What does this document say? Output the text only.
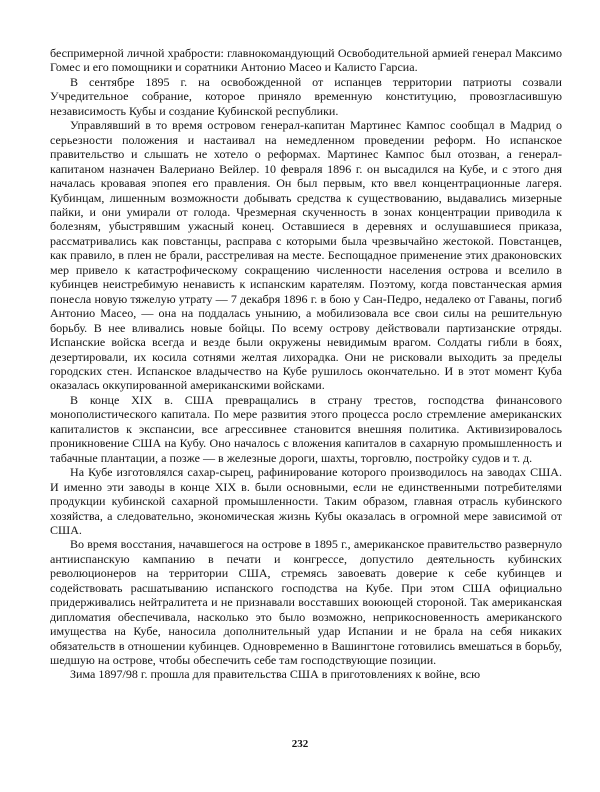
беспримерной личной храбрости: главнокомандующий Освободительной армией генерал Максимо Гомес и его помощники и соратники Антонио Масео и Калисто Гарсиа.

В сентябре 1895 г. на освобожденной от испанцев территории патриоты созвали Учредительное собрание, которое приняло временную конституцию, провозгласившую независимость Кубы и создание Кубинской республики.

Управлявший в то время островом генерал-капитан Мартинес Кампос сообщал в Мадрид о серьезности положения и настаивал на немедленном проведении реформ. Но испанское правительство и слышать не хотело о реформах. Мартинес Кампос был отозван, а генерал-капитаном назначен Валериано Вейлер. 10 февраля 1896 г. он высадился на Кубе, и с этого дня началась кровавая эпопея его правления. Он был первым, кто ввел концентрационные лагеря. Кубинцам, лишенным возможности добывать средства к существованию, выдавались мизерные пайки, и они умирали от голода. Чрезмерная скученность в зонах концентрации приводила к болезням, убыстрявшим ужасный конец. Оставшиеся в деревнях и ослушавшиеся приказа, рассматривались как повстанцы, расправа с которыми была чрезвычайно жестокой. Повстанцев, как правило, в плен не брали, расстреливая на месте. Беспощадное применение этих драконовских мер привело к катастрофическому сокращению численности населения острова и вселило в кубинцев неистребимую ненависть к испанским карателям. Поэтому, когда повстанческая армия понесла новую тяжелую утрату — 7 декабря 1896 г. в бою у Сан-Педро, недалеко от Гаваны, погиб Антонио Масео, — она на поддалась унынию, а мобилизовала все свои силы на решительную борьбу. В нее вливались новые бойцы. По всему острову действовали партизанские отряды. Испанские войска всегда и везде были окружены невидимым врагом. Солдаты гибли в боях, дезертировали, их косила сотнями желтая лихорадка. Они не рисковали выходить за пределы городских стен. Испанское владычество на Кубе рушилось окончательно. И в этот момент Куба оказалась оккупированной американскими войсками.

В конце XIX в. США превращались в страну трестов, господства финансового монополистического капитала. По мере развития этого процесса росло стремление американских капиталистов к экспансии, все агрессивнее становится внешняя политика. Активизировалось проникновение США на Кубу. Оно началось с вложения капиталов в сахарную промышленность и табачные плантации, а позже — в железные дороги, шахты, торговлю, постройку судов и т. д.

На Кубе изготовлялся сахар-сырец, рафинирование которого производилось на заводах США. И именно эти заводы в конце XIX в. были основными, если не единственными потребителями продукции кубинской сахарной промышленности. Таким образом, главная отрасль кубинского хозяйства, а следовательно, экономическая жизнь Кубы оказалась в огромной мере зависимой от США.

Во время восстания, начавшегося на острове в 1895 г., американское правительство развернуло антииспанскую кампанию в печати и конгрессе, допустило деятельность кубинских революционеров на территории США, стремясь завоевать доверие к себе кубинцев и содействовать расшатыванию испанского господства на Кубе. При этом США официально придерживались нейтралитета и не признавали восставших воюющей стороной. Так американская дипломатия обеспечивала, насколько это было возможно, неприкосновенность американского имущества на Кубе, наносила дополнительный удар Испании и не брала на себя никаких обязательств в отношении кубинцев. Одновременно в Вашингтоне готовились вмешаться в борьбу, шедшую на острове, чтобы обеспечить себе там господствующие позиции.

Зима 1897/98 г. прошла для правительства США в приготовлениях к войне, всю

232
